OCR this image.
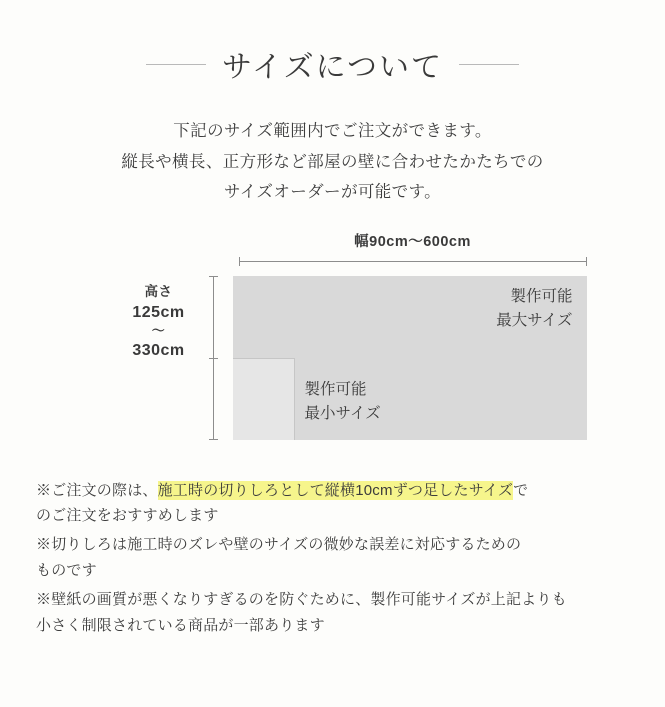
サイズについて
下記のサイズ範囲内でご注文ができます。
縦長や横長、正方形など部屋の壁に合わせたかたちでの
サイズオーダーが可能です。
幅90cm〜600cm
高さ
125cm
〜
330cm
製作可能
最大サイズ
製作可能
最小サイズ

※ご注文の際は、施工時の切りしろとして縦横10cmずつ足したサイズで

のご注文をおすすめします

※切りしろは施工時のズレや壁のサイズの微妙な誤差に対応するための

ものです

※壁紙の画質が悪くなりすぎるのを防ぐために、製作可能サイズが上記よりも

小さく制限されている商品が一部あります
